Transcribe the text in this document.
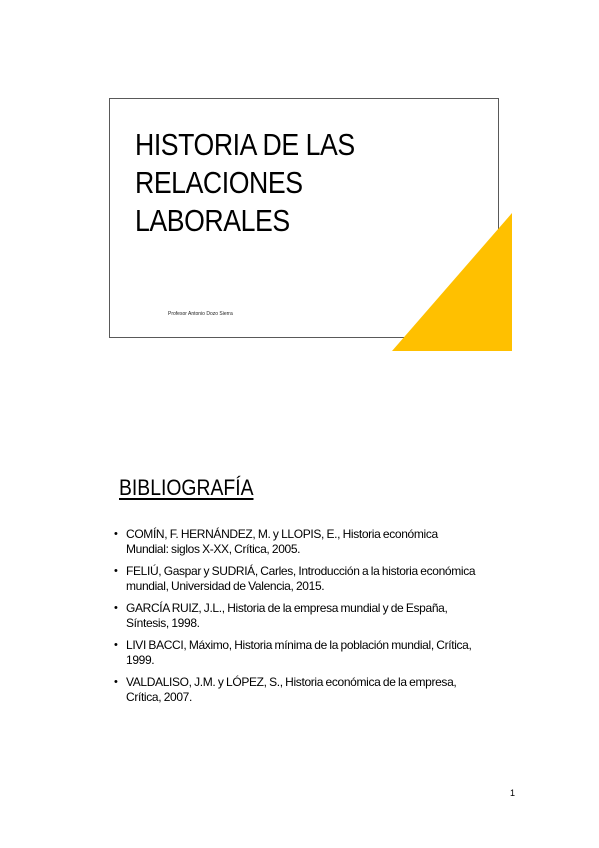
HISTORIA DE LAS
RELACIONES
LABORALES
Profesor Antonio Dozo Sierra
BIBLIOGRAFÍA
• COMÍN, F. HERNÁNDEZ, M. y LLOPIS, E., Historia económica Mundial: siglos X-XX, Crítica, 2005.
• FELIÚ, Gaspar y SUDRIÁ, Carles, Introducción a la historia económica mundial, Universidad de Valencia, 2015.
• GARCÍA RUIZ, J.L., Historia de la empresa mundial y de España, Síntesis, 1998.
• LIVI BACCI, Máximo, Historia mínima de la población mundial, Crítica, 1999.
• VALDALISO, J.M. y LÓPEZ, S., Historia económica de la empresa, Crítica, 2007.
1
